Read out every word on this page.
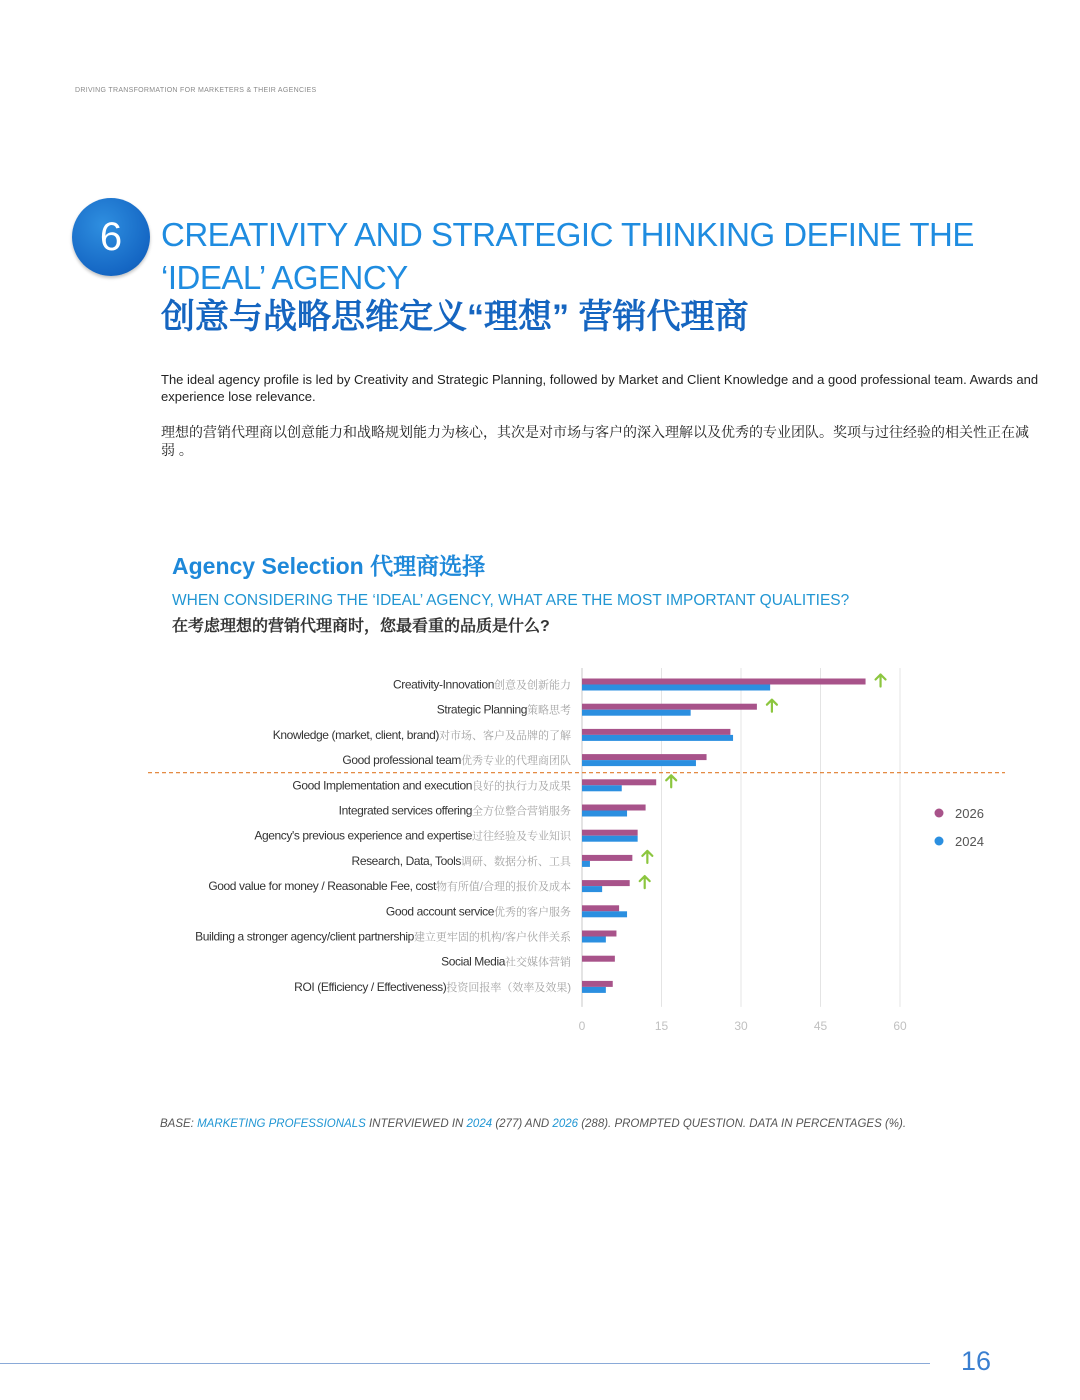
DRIVING TRANSFORMATION FOR MARKETERS & THEIR AGENCIES
6	CREATIVITY AND STRATEGIC THINKING DEFINE THE ‘IDEAL’ AGENCY
创意与战略思维定义“理想” 营销代理商
The ideal agency profile is led by Creativity and Strategic Planning, followed by Market and Client Knowledge and a good professional team. Awards and experience lose relevance.
理想的营销代理商以创意能力和战略规划能力为核心，其次是对市场与客户的深入理解以及优秀的专业团队。奖项与过往经验的相关性正在减弱 。
Agency Selection 代理商选择
WHEN CONSIDERING THE ‘IDEAL’ AGENCY, WHAT ARE THE MOST IMPORTANT QUALITIES?
在考虑理想的营销代理商时，您最看重的品质是什么?
0	15	30	45	60
Creativity-Innovation创意及创新能力
Strategic Planning策略思考
Knowledge (market, client, brand)对市场、客户及品牌的了解
Good professional team优秀专业的代理商团队
Good Implementation and execution良好的执行力及成果
Integrated services offering全方位整合营销服务
Agency's previous experience and expertise过往经验及专业知识
Research, Data, Tools调研、数据分析、工具
Good value for money / Reasonable Fee, cost物有所值/合理的报价及成本
Good account service优秀的客户服务
Building a stronger agency/client partnership建立更牢固的机构/客户伙伴关系
Social Media社交媒体营销
ROI (Efficiency / Effectiveness)投资回报率（效率及效果)
2026
2024
BASE: MARKETING PROFESSIONALS INTERVIEWED IN 2024 (277) AND 2026 (288). PROMPTED QUESTION. DATA IN PERCENTAGES (%).
16
